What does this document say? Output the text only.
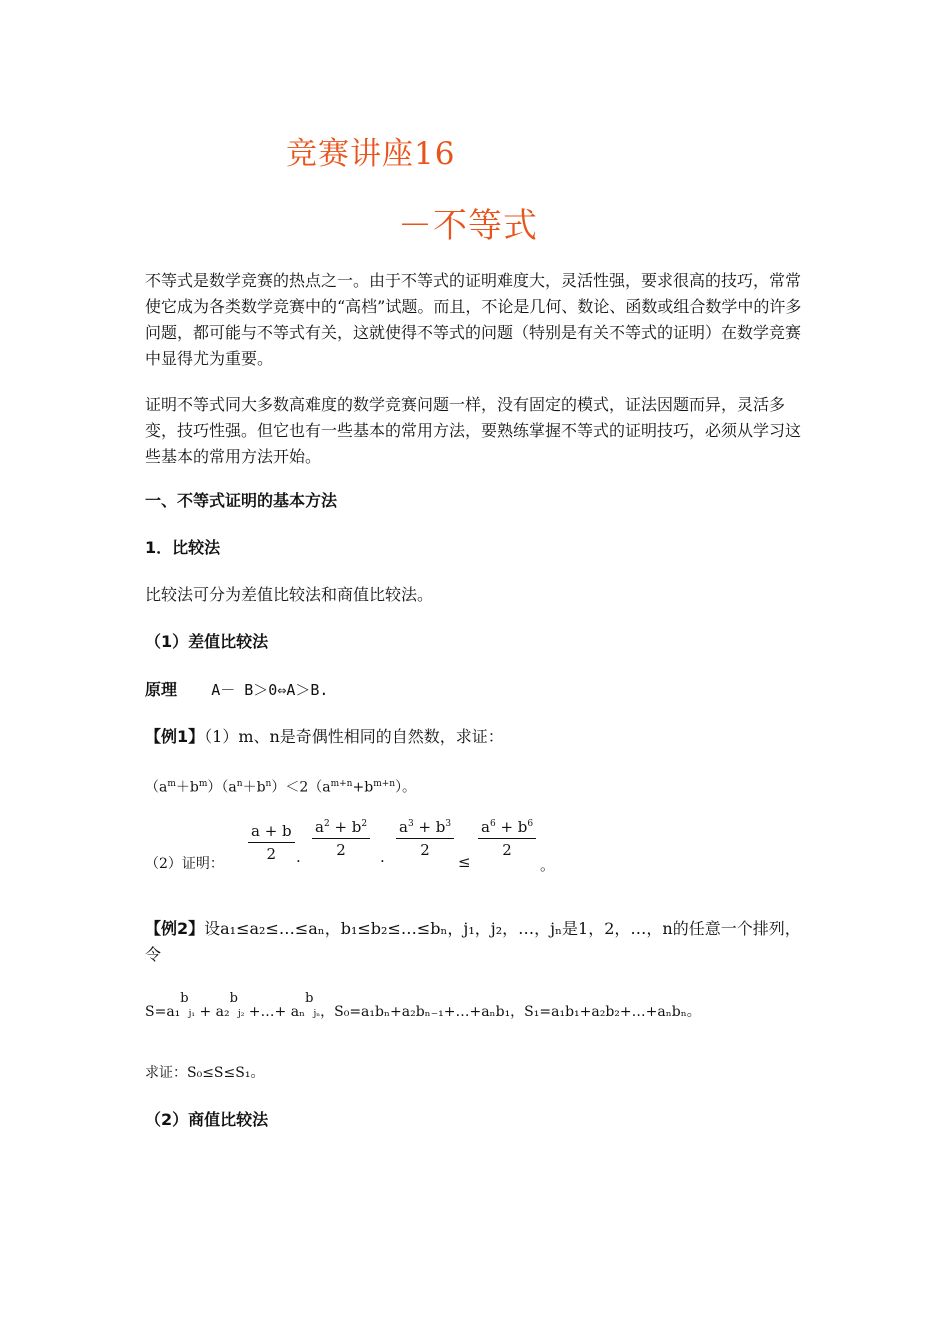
竞赛讲座16
－不等式
不等式是数学竞赛的热点之一。由于不等式的证明难度大，灵活性强，要求很高的技巧，常常使它成为各类数学竞赛中的“高档”试题。而且，不论是几何、数论、函数或组合数学中的许多问题，都可能与不等式有关，这就使得不等式的问题（特别是有关不等式的证明）在数学竞赛中显得尤为重要。
证明不等式同大多数高难度的数学竞赛问题一样，没有固定的模式，证法因题而异，灵活多变，技巧性强。但它也有一些基本的常用方法，要熟练掌握不等式的证明技巧，必须从学习这些基本的常用方法开始。
一、不等式证明的基本方法
1．比较法
比较法可分为差值比较法和商值比较法。
（1）差值比较法
原理 A－ B＞0⇔A＞B.
【例1】（1）m、n是奇偶性相同的自然数，求证：
$(a^m+b^m)(a^n+b^n)<2(a^{m+n}+b^{m+n})$。
（2）证明：
$\frac{a + b}{2}$ ·
$\frac{a^2 + b^2}{2}$
·
$\frac{a^3 + b^3}{2}$
≤
$\frac{a^6 + b^6}{2}$
。
【例2】设a₁≤a₂≤…≤aₙ，b₁≤b₂≤…≤bₙ，j₁，j₂，…，jₙ是1，2，…，n的任意一个排列，令
S=a₁bj₁ + a₂bj₂ +…+ aₙbjₙ，S₀=a₁bₙ+a₂bₙ₋₁+…+aₙb₁，S₁=a₁b₁+a₂b₂+…+aₙbₙ。
求证：S₀≤S≤S₁。
（2）商值比较法
